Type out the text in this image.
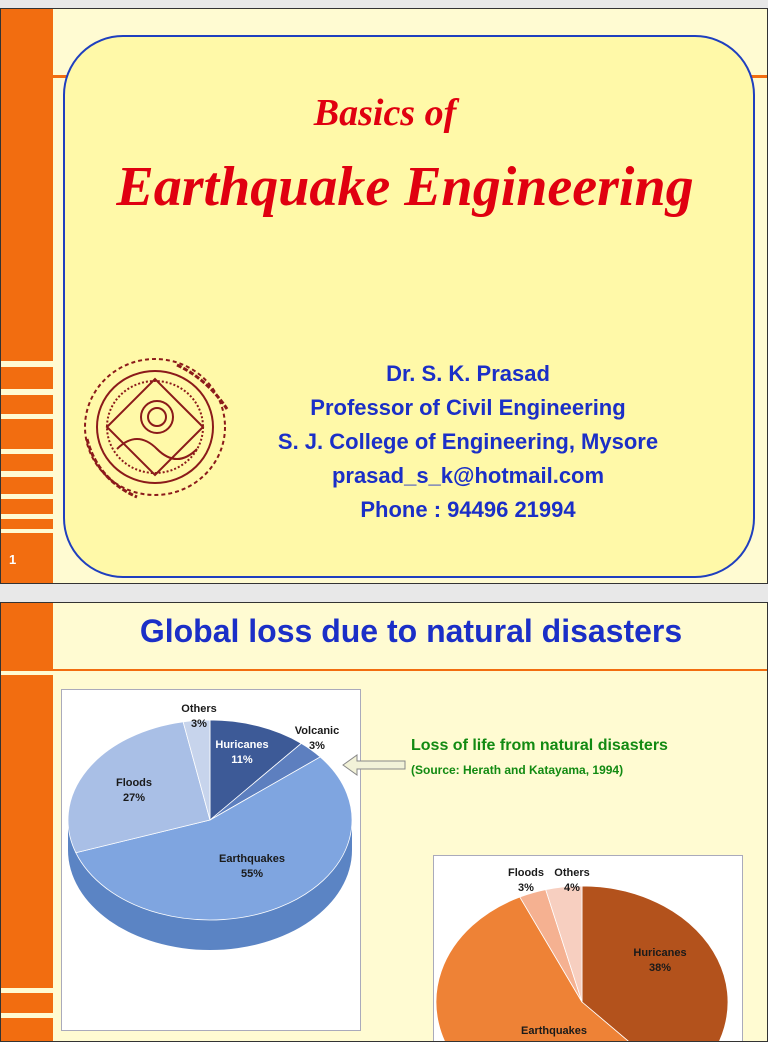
Basics of
Earthquake Engineering
Dr. S. K. Prasad
Professor of Civil Engineering
S. J. College of Engineering, Mysore
prasad_s_k@hotmail.com
Phone : 94496 21994
1
Global loss due to natural disasters
Huricanes
11%
Volcanic
3%
Earthquakes
55%
Floods
27%
Others
3%
Loss of life from natural disasters
(Source: Herath and Katayama, 1994)
Huricanes
38%
Earthquakes
Floods
3%
Others
4%
